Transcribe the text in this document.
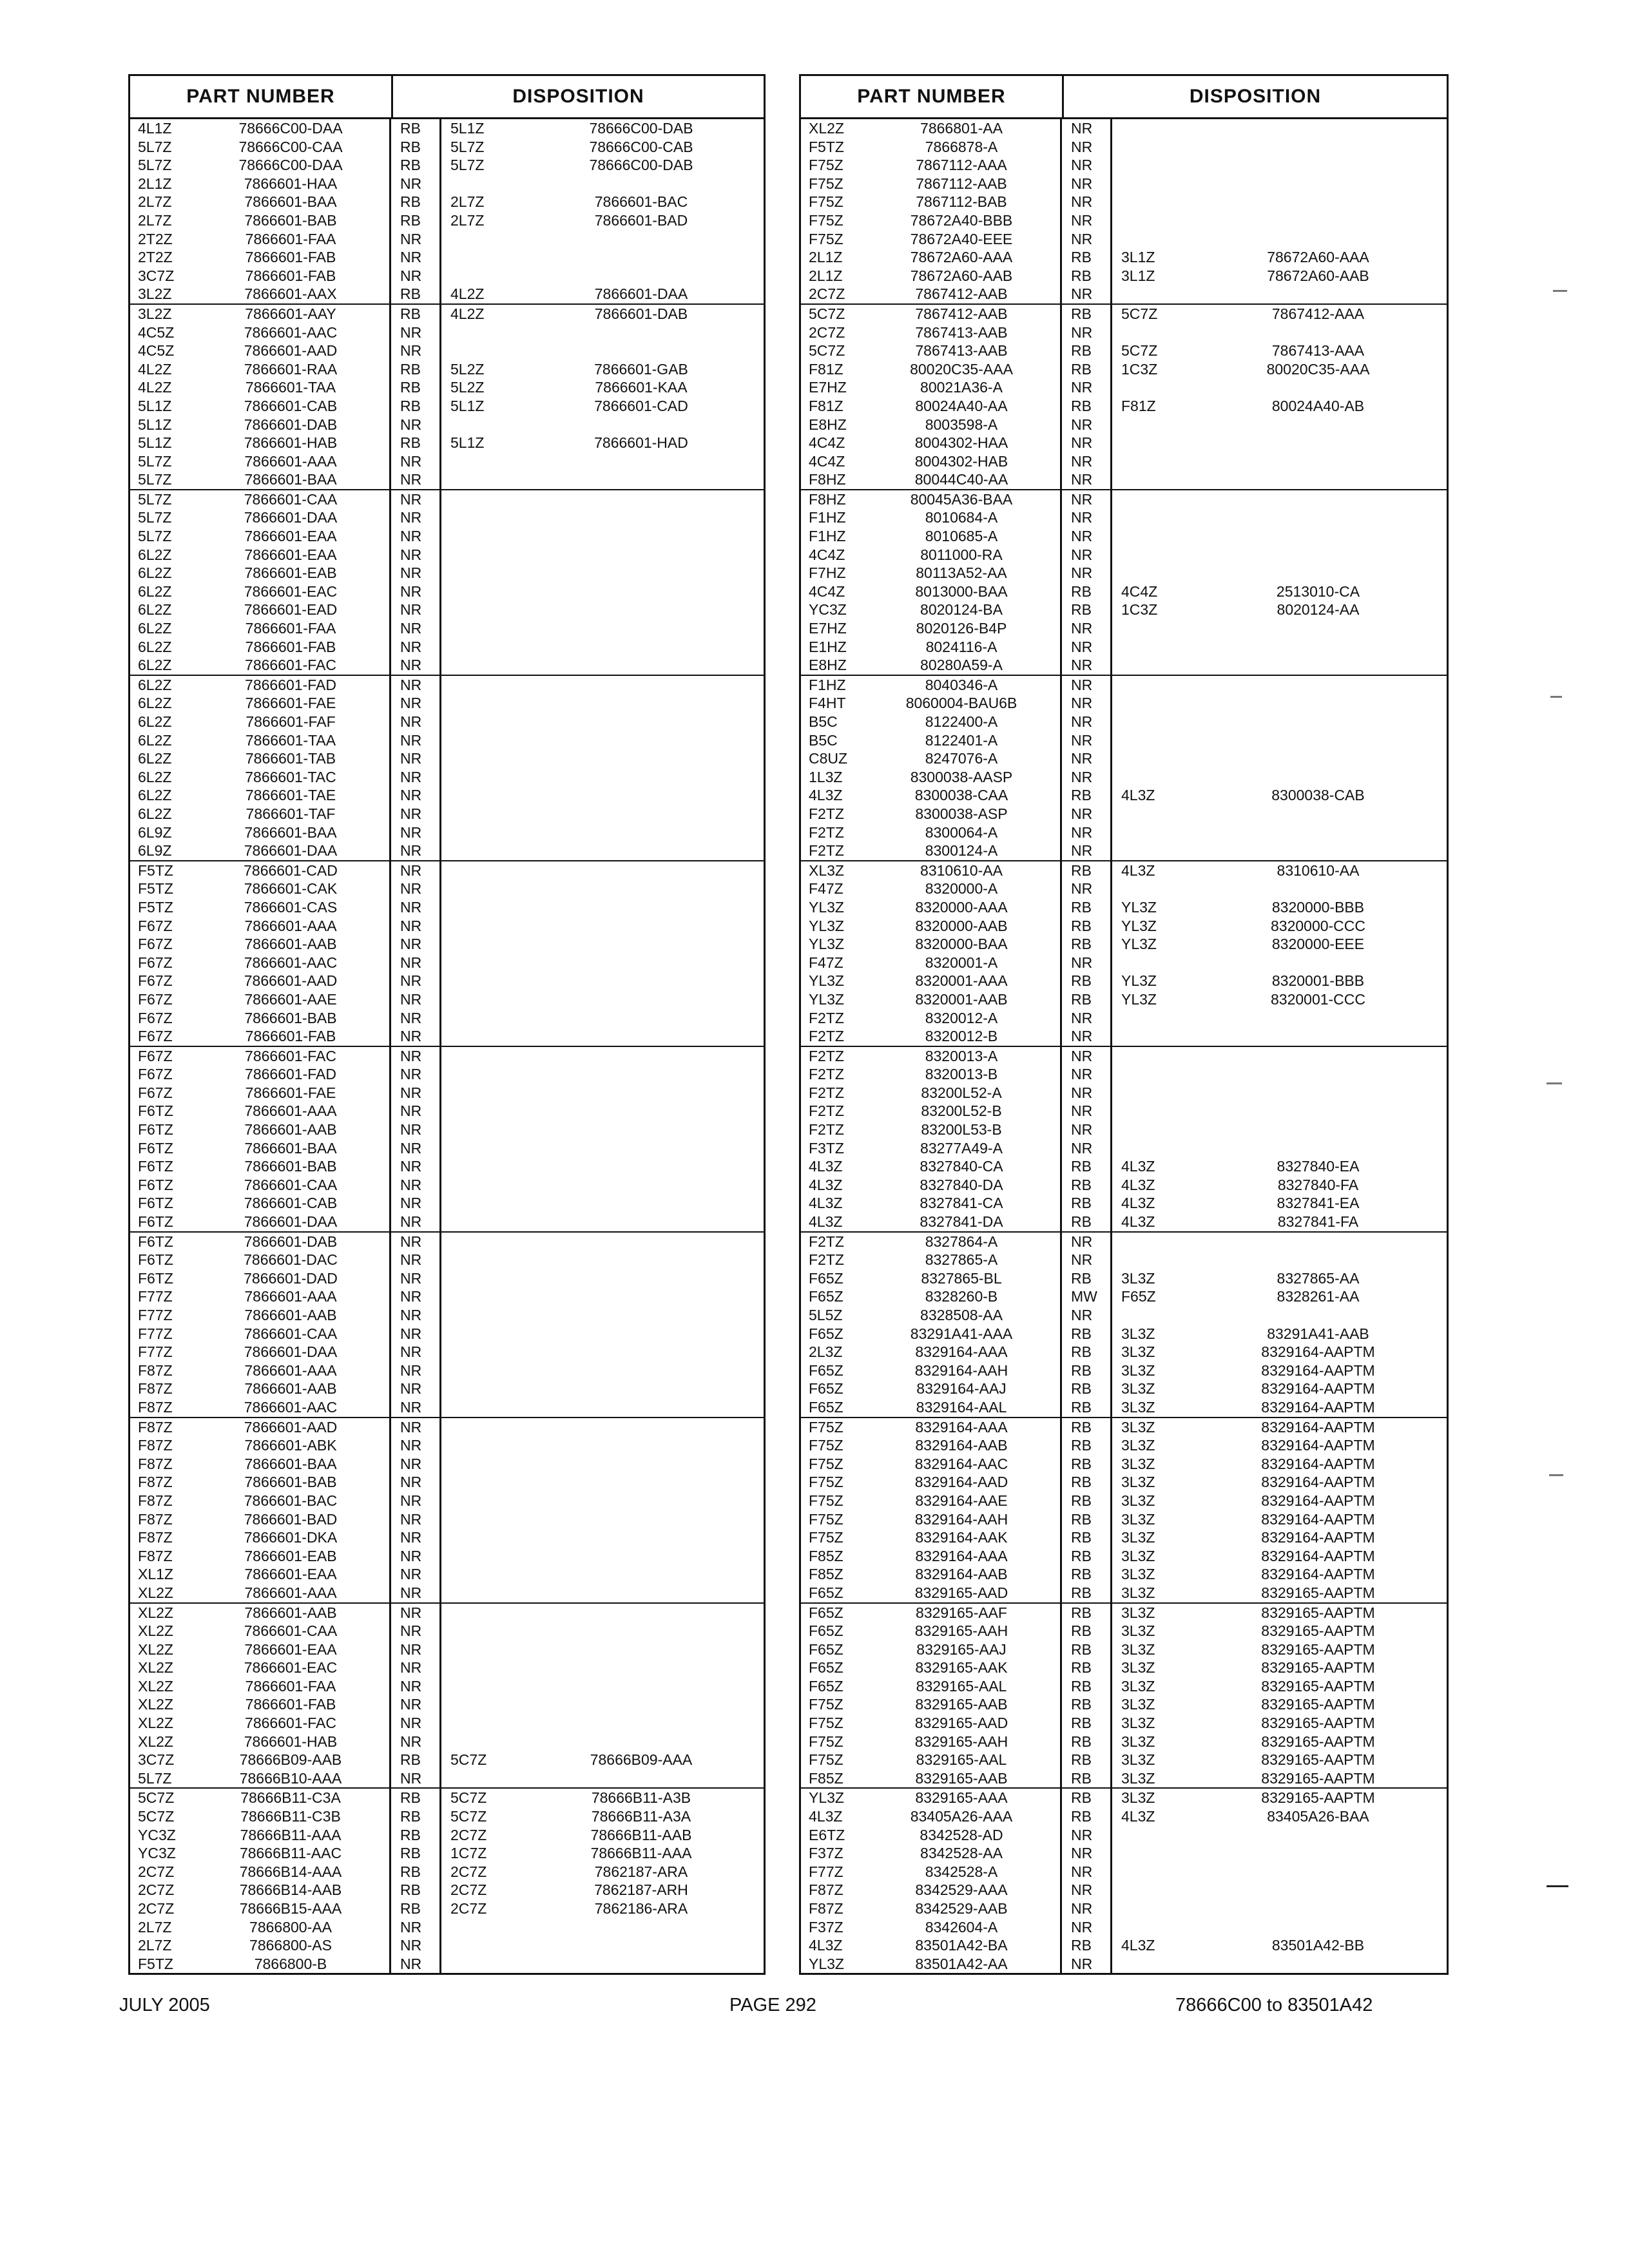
PART NUMBER	DISPOSITION
4L1Z	78666C00-DAA	RB	5L1Z	78666C00-DAB
5L7Z	78666C00-CAA	RB	5L7Z	78666C00-CAB
5L7Z	78666C00-DAA	RB	5L7Z	78666C00-DAB
2L1Z	7866601-HAA	NR
2L7Z	7866601-BAA	RB	2L7Z	7866601-BAC
2L7Z	7866601-BAB	RB	2L7Z	7866601-BAD
2T2Z	7866601-FAA	NR
2T2Z	7866601-FAB	NR
3C7Z	7866601-FAB	NR
3L2Z	7866601-AAX	RB	4L2Z	7866601-DAA
3L2Z	7866601-AAY	RB	4L2Z	7866601-DAB
4C5Z	7866601-AAC	NR
4C5Z	7866601-AAD	NR
4L2Z	7866601-RAA	RB	5L2Z	7866601-GAB
4L2Z	7866601-TAA	RB	5L2Z	7866601-KAA
5L1Z	7866601-CAB	RB	5L1Z	7866601-CAD
5L1Z	7866601-DAB	NR
5L1Z	7866601-HAB	RB	5L1Z	7866601-HAD
5L7Z	7866601-AAA	NR
5L7Z	7866601-BAA	NR
5L7Z	7866601-CAA	NR
5L7Z	7866601-DAA	NR
5L7Z	7866601-EAA	NR
6L2Z	7866601-EAA	NR
6L2Z	7866601-EAB	NR
6L2Z	7866601-EAC	NR
6L2Z	7866601-EAD	NR
6L2Z	7866601-FAA	NR
6L2Z	7866601-FAB	NR
6L2Z	7866601-FAC	NR
6L2Z	7866601-FAD	NR
6L2Z	7866601-FAE	NR
6L2Z	7866601-FAF	NR
6L2Z	7866601-TAA	NR
6L2Z	7866601-TAB	NR
6L2Z	7866601-TAC	NR
6L2Z	7866601-TAE	NR
6L2Z	7866601-TAF	NR
6L9Z	7866601-BAA	NR
6L9Z	7866601-DAA	NR
F5TZ	7866601-CAD	NR
F5TZ	7866601-CAK	NR
F5TZ	7866601-CAS	NR
F67Z	7866601-AAA	NR
F67Z	7866601-AAB	NR
F67Z	7866601-AAC	NR
F67Z	7866601-AAD	NR
F67Z	7866601-AAE	NR
F67Z	7866601-BAB	NR
F67Z	7866601-FAB	NR
F67Z	7866601-FAC	NR
F67Z	7866601-FAD	NR
F67Z	7866601-FAE	NR
F6TZ	7866601-AAA	NR
F6TZ	7866601-AAB	NR
F6TZ	7866601-BAA	NR
F6TZ	7866601-BAB	NR
F6TZ	7866601-CAA	NR
F6TZ	7866601-CAB	NR
F6TZ	7866601-DAA	NR
F6TZ	7866601-DAB	NR
F6TZ	7866601-DAC	NR
F6TZ	7866601-DAD	NR
F77Z	7866601-AAA	NR
F77Z	7866601-AAB	NR
F77Z	7866601-CAA	NR
F77Z	7866601-DAA	NR
F87Z	7866601-AAA	NR
F87Z	7866601-AAB	NR
F87Z	7866601-AAC	NR
F87Z	7866601-AAD	NR
F87Z	7866601-ABK	NR
F87Z	7866601-BAA	NR
F87Z	7866601-BAB	NR
F87Z	7866601-BAC	NR
F87Z	7866601-BAD	NR
F87Z	7866601-DKA	NR
F87Z	7866601-EAB	NR
XL1Z	7866601-EAA	NR
XL2Z	7866601-AAA	NR
XL2Z	7866601-AAB	NR
XL2Z	7866601-CAA	NR
XL2Z	7866601-EAA	NR
XL2Z	7866601-EAC	NR
XL2Z	7866601-FAA	NR
XL2Z	7866601-FAB	NR
XL2Z	7866601-FAC	NR
XL2Z	7866601-HAB	NR
3C7Z	78666B09-AAB	RB	5C7Z	78666B09-AAA
5L7Z	78666B10-AAA	NR
5C7Z	78666B11-C3A	RB	5C7Z	78666B11-A3B
5C7Z	78666B11-C3B	RB	5C7Z	78666B11-A3A
YC3Z	78666B11-AAA	RB	2C7Z	78666B11-AAB
YC3Z	78666B11-AAC	RB	1C7Z	78666B11-AAA
2C7Z	78666B14-AAA	RB	2C7Z	7862187-ARA
2C7Z	78666B14-AAB	RB	2C7Z	7862187-ARH
2C7Z	78666B15-AAA	RB	2C7Z	7862186-ARA
2L7Z	7866800-AA	NR
2L7Z	7866800-AS	NR
F5TZ	7866800-B	NR
PART NUMBER	DISPOSITION
XL2Z	7866801-AA	NR
F5TZ	7866878-A	NR
F75Z	7867112-AAA	NR
F75Z	7867112-AAB	NR
F75Z	7867112-BAB	NR
F75Z	78672A40-BBB	NR
F75Z	78672A40-EEE	NR
2L1Z	78672A60-AAA	RB	3L1Z	78672A60-AAA
2L1Z	78672A60-AAB	RB	3L1Z	78672A60-AAB
2C7Z	7867412-AAB	NR
5C7Z	7867412-AAB	RB	5C7Z	7867412-AAA
2C7Z	7867413-AAB	NR
5C7Z	7867413-AAB	RB	5C7Z	7867413-AAA
F81Z	80020C35-AAA	RB	1C3Z	80020C35-AAA
E7HZ	80021A36-A	NR
F81Z	80024A40-AA	RB	F81Z	80024A40-AB
E8HZ	8003598-A	NR
4C4Z	8004302-HAA	NR
4C4Z	8004302-HAB	NR
F8HZ	80044C40-AA	NR
F8HZ	80045A36-BAA	NR
F1HZ	8010684-A	NR
F1HZ	8010685-A	NR
4C4Z	8011000-RA	NR
F7HZ	80113A52-AA	NR
4C4Z	8013000-BAA	RB	4C4Z	2513010-CA
YC3Z	8020124-BA	RB	1C3Z	8020124-AA
E7HZ	8020126-B4P	NR
E1HZ	8024116-A	NR
E8HZ	80280A59-A	NR
F1HZ	8040346-A	NR
F4HT	8060004-BAU6B	NR
B5C	8122400-A	NR
B5C	8122401-A	NR
C8UZ	8247076-A	NR
1L3Z	8300038-AASP	NR
4L3Z	8300038-CAA	RB	4L3Z	8300038-CAB
F2TZ	8300038-ASP	NR
F2TZ	8300064-A	NR
F2TZ	8300124-A	NR
XL3Z	8310610-AA	RB	4L3Z	8310610-AA
F47Z	8320000-A	NR
YL3Z	8320000-AAA	RB	YL3Z	8320000-BBB
YL3Z	8320000-AAB	RB	YL3Z	8320000-CCC
YL3Z	8320000-BAA	RB	YL3Z	8320000-EEE
F47Z	8320001-A	NR
YL3Z	8320001-AAA	RB	YL3Z	8320001-BBB
YL3Z	8320001-AAB	RB	YL3Z	8320001-CCC
F2TZ	8320012-A	NR
F2TZ	8320012-B	NR
F2TZ	8320013-A	NR
F2TZ	8320013-B	NR
F2TZ	83200L52-A	NR
F2TZ	83200L52-B	NR
F2TZ	83200L53-B	NR
F3TZ	83277A49-A	NR
4L3Z	8327840-CA	RB	4L3Z	8327840-EA
4L3Z	8327840-DA	RB	4L3Z	8327840-FA
4L3Z	8327841-CA	RB	4L3Z	8327841-EA
4L3Z	8327841-DA	RB	4L3Z	8327841-FA
F2TZ	8327864-A	NR
F2TZ	8327865-A	NR
F65Z	8327865-BL	RB	3L3Z	8327865-AA
F65Z	8328260-B	MW	F65Z	8328261-AA
5L5Z	8328508-AA	NR
F65Z	83291A41-AAA	RB	3L3Z	83291A41-AAB
2L3Z	8329164-AAA	RB	3L3Z	8329164-AAPTM
F65Z	8329164-AAH	RB	3L3Z	8329164-AAPTM
F65Z	8329164-AAJ	RB	3L3Z	8329164-AAPTM
F65Z	8329164-AAL	RB	3L3Z	8329164-AAPTM
F75Z	8329164-AAA	RB	3L3Z	8329164-AAPTM
F75Z	8329164-AAB	RB	3L3Z	8329164-AAPTM
F75Z	8329164-AAC	RB	3L3Z	8329164-AAPTM
F75Z	8329164-AAD	RB	3L3Z	8329164-AAPTM
F75Z	8329164-AAE	RB	3L3Z	8329164-AAPTM
F75Z	8329164-AAH	RB	3L3Z	8329164-AAPTM
F75Z	8329164-AAK	RB	3L3Z	8329164-AAPTM
F85Z	8329164-AAA	RB	3L3Z	8329164-AAPTM
F85Z	8329164-AAB	RB	3L3Z	8329164-AAPTM
F65Z	8329165-AAD	RB	3L3Z	8329165-AAPTM
F65Z	8329165-AAF	RB	3L3Z	8329165-AAPTM
F65Z	8329165-AAH	RB	3L3Z	8329165-AAPTM
F65Z	8329165-AAJ	RB	3L3Z	8329165-AAPTM
F65Z	8329165-AAK	RB	3L3Z	8329165-AAPTM
F65Z	8329165-AAL	RB	3L3Z	8329165-AAPTM
F75Z	8329165-AAB	RB	3L3Z	8329165-AAPTM
F75Z	8329165-AAD	RB	3L3Z	8329165-AAPTM
F75Z	8329165-AAH	RB	3L3Z	8329165-AAPTM
F75Z	8329165-AAL	RB	3L3Z	8329165-AAPTM
F85Z	8329165-AAB	RB	3L3Z	8329165-AAPTM
YL3Z	8329165-AAA	RB	3L3Z	8329165-AAPTM
4L3Z	83405A26-AAA	RB	4L3Z	83405A26-BAA
E6TZ	8342528-AD	NR
F37Z	8342528-AA	NR
F77Z	8342528-A	NR
F87Z	8342529-AAA	NR
F87Z	8342529-AAB	NR
F37Z	8342604-A	NR
4L3Z	83501A42-BA	RB	4L3Z	83501A42-BB
YL3Z	83501A42-AA	NR
JULY 2005	PAGE 292	78666C00 to 83501A42
